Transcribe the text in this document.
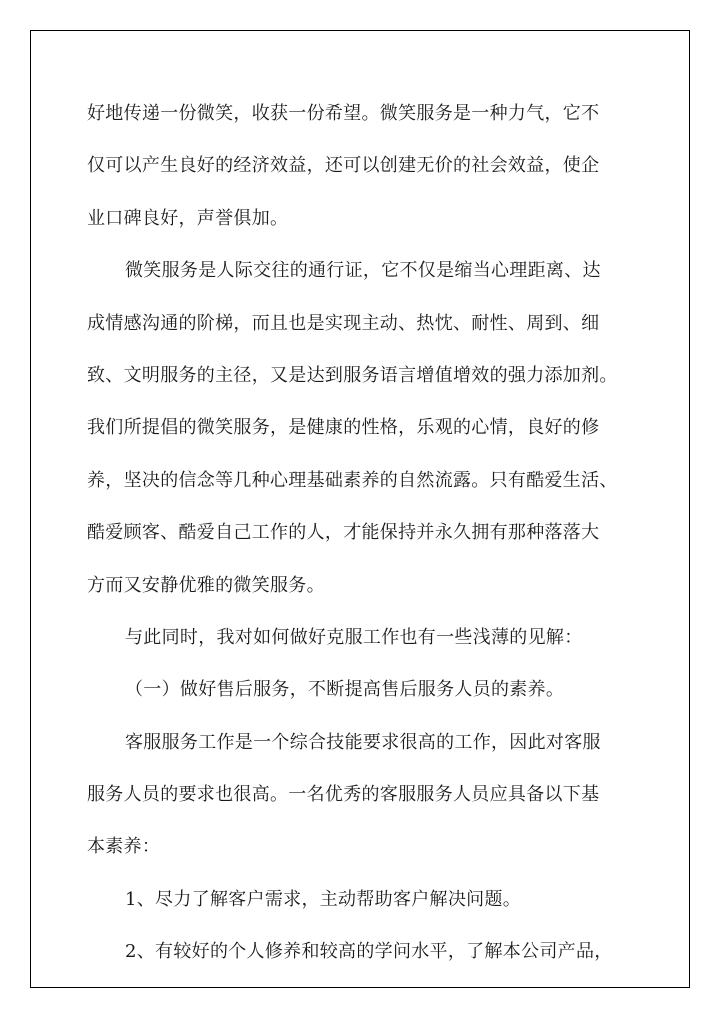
好地传递一份微笑，收获一份希望。微笑服务是一种力气，它不
仅可以产生良好的经济效益，还可以创建无价的社会效益，使企
业口碑良好，声誉俱加。
微笑服务是人际交往的通行证，它不仅是缩当心理距离、达
成情感沟通的阶梯，而且也是实现主动、热忱、耐性、周到、细
致、文明服务的主径，又是达到服务语言增值增效的强力添加剂。
我们所提倡的微笑服务，是健康的性格，乐观的心情，良好的修
养，坚决的信念等几种心理基础素养的自然流露。只有酷爱生活、
酷爱顾客、酷爱自己工作的人，才能保持并永久拥有那种落落大
方而又安静优雅的微笑服务。
与此同时，我对如何做好克服工作也有一些浅薄的见解：
（一）做好售后服务，不断提高售后服务人员的素养。
客服服务工作是一个综合技能要求很高的工作，因此对客服
服务人员的要求也很高。一名优秀的客服服务人员应具备以下基
本素养：
1、尽力了解客户需求，主动帮助客户解决问题。
2、有较好的个人修养和较高的学问水平，了解本公司产品，
